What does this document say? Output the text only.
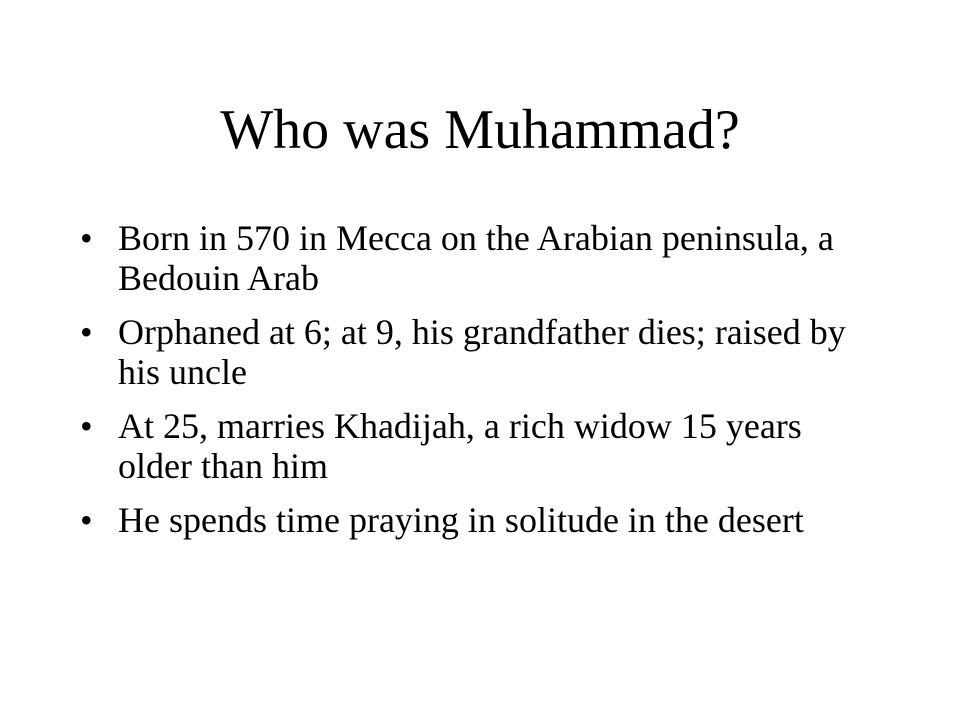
Who was Muhammad?
• Born in 570 in Mecca on the Arabian peninsula, a Bedouin Arab
• Orphaned at 6; at 9, his grandfather dies; raised by his uncle
• At 25, marries Khadijah, a rich widow 15 years older than him
• He spends time praying in solitude in the desert
